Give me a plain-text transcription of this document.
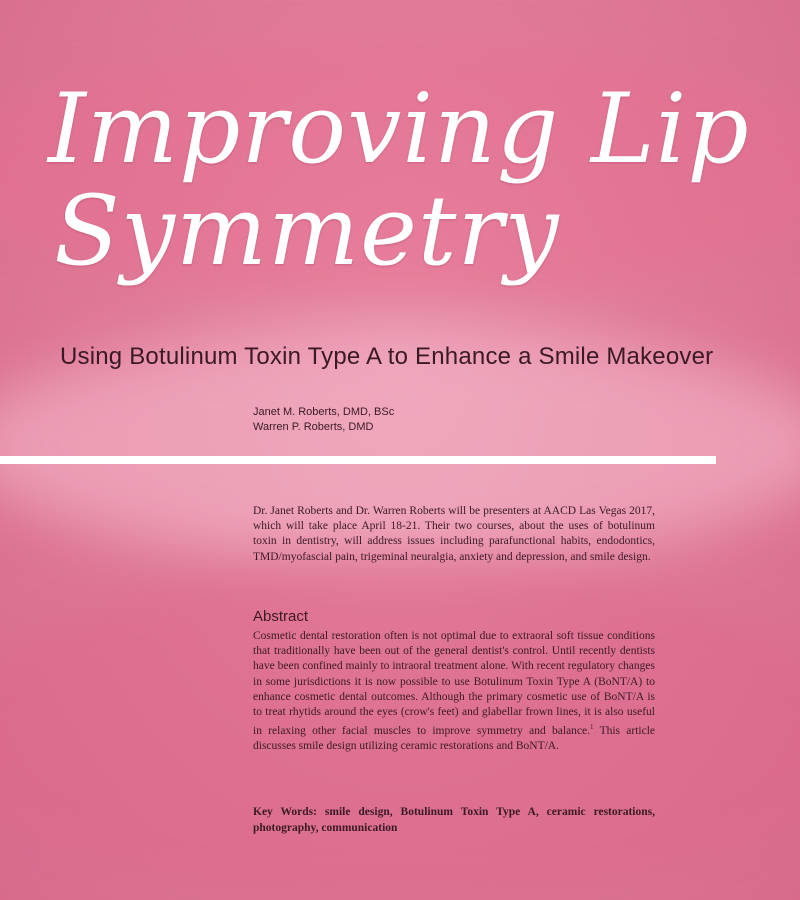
Improving Lip
Symmetry
Using Botulinum Toxin Type A to Enhance a Smile Makeover
Janet M. Roberts, DMD, BSc
Warren P. Roberts, DMD
Dr. Janet Roberts and Dr. Warren Roberts will be presenters at AACD Las Vegas 2017, which will take place April 18-21. Their two courses, about the uses of botulinum toxin in dentistry, will address issues including parafunctional habits, endodontics, TMD/myofascial pain, trigeminal neuralgia, anxiety and depression, and smile design.
Abstract
Cosmetic dental restoration often is not optimal due to extraoral soft tissue conditions that traditionally have been out of the general dentist's control. Until recently dentists have been confined mainly to intraoral treatment alone. With recent regulatory changes in some jurisdictions it is now possible to use Botulinum Toxin Type A (BoNT/A) to enhance cosmetic dental outcomes. Although the primary cosmetic use of BoNT/A is to treat rhytids around the eyes (crow's feet) and glabellar frown lines, it is also useful in relaxing other facial muscles to improve symmetry and balance.$^1$ This article discusses smile design utilizing ceramic restorations and BoNT/A.
Key Words: smile design, Botulinum Toxin Type A, ceramic restorations, photography, communication
